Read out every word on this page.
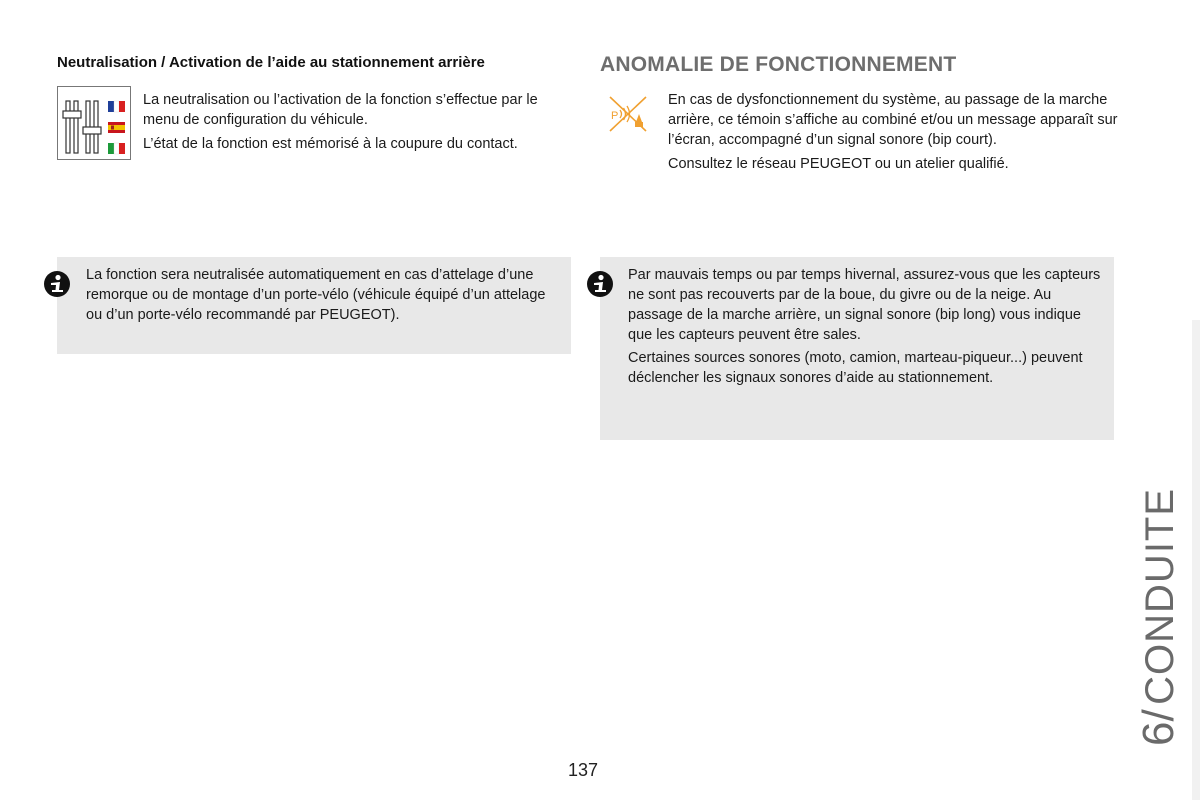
Neutralisation / Activation de l’aide au stationnement arrière

La neutralisation ou l’activation de la fonction s’effectue par le menu de configuration du véhicule.

L’état de la fonction est mémorisé à la coupure du contact.

La fonction sera neutralisée automatiquement en cas d’attelage d’une remorque ou de montage d’un porte-vélo (véhicule équipé d’un attelage ou d’un porte-vélo recommandé par PEUGEOT).

ANOMALIE DE FONCTIONNEMENT
P

En cas de dysfonctionnement du système, au passage de la marche arrière, ce témoin s’affiche au combiné et/ou un message apparaît sur l’écran, accompagné d’un signal sonore (bip court).

Consultez le réseau PEUGEOT ou un atelier qualifié.

Par mauvais temps ou par temps hivernal, assurez-vous que les capteurs ne sont pas recouverts par de la boue, du givre ou de la neige. Au passage de la marche arrière, un signal sonore (bip long) vous indique que les capteurs peuvent être sales.

Certaines sources sonores (moto, camion, marteau-piqueur...) peuvent déclencher les signaux sonores d’aide au stationnement.

6/ CONDUITE
137
